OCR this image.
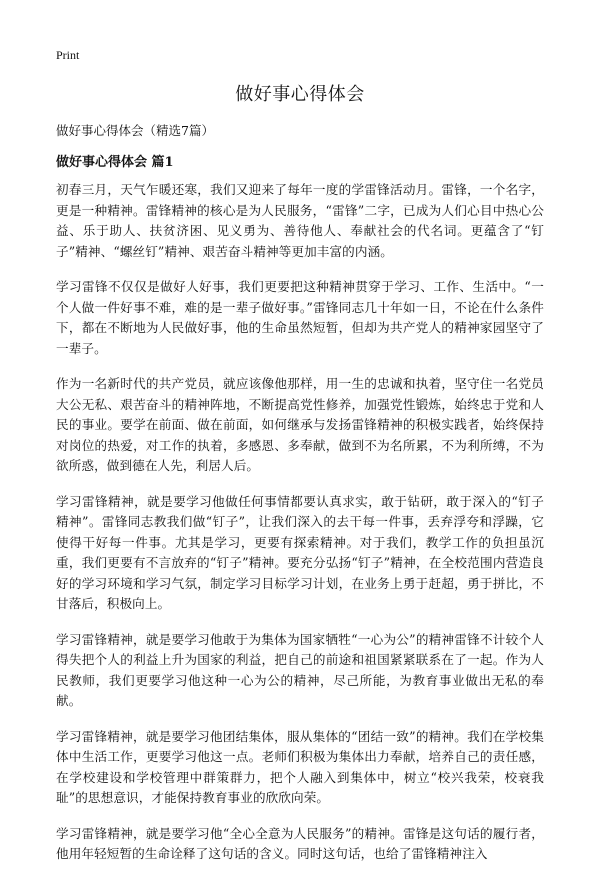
Print
做好事心得体会

做好事心得体会（精选7篇）

做好事心得体会 篇1

初春三月，天气乍暖还寒，我们又迎来了每年一度的学雷锋活动月。雷锋，一个名字，更是一种精神。雷锋精神的核心是为人民服务，“雷锋”二字，已成为人们心目中热心公益、乐于助人、扶贫济困、见义勇为、善待他人、奉献社会的代名词。更蕴含了“钉子”精神、“螺丝钉”精神、艰苦奋斗精神等更加丰富的内涵。

学习雷锋不仅仅是做好人好事，我们更要把这种精神贯穿于学习、工作、生活中。“一个人做一件好事不难，难的是一辈子做好事。”雷锋同志几十年如一日，不论在什么条件下，都在不断地为人民做好事，他的生命虽然短暂，但却为共产党人的精神家园坚守了一辈子。

作为一名新时代的共产党员，就应该像他那样，用一生的忠诚和执着，坚守住一名党员大公无私、艰苦奋斗的精神阵地，不断提高党性修养，加强党性锻炼，始终忠于党和人民的事业。要学在前面、做在前面，如何继承与发扬雷锋精神的积极实践者，始终保持对岗位的热爱，对工作的执着，多感恩、多奉献，做到不为名所累，不为利所缚，不为欲所惑，做到德在人先，利居人后。

学习雷锋精神，就是要学习他做任何事情都要认真求实，敢于钻研，敢于深入的“钉子精神”。雷锋同志教我们做“钉子”，让我们深入的去干每一件事，丢弃浮夸和浮躁，它使得干好每一件事。尤其是学习，更要有探索精神。对于我们，教学工作的负担虽沉重，我们更要有不言放弃的“钉子”精神。要充分弘扬“钉子”精神，在全校范围内营造良好的学习环境和学习气氛，制定学习目标学习计划，在业务上勇于赶超，勇于拼比，不甘落后，积极向上。

学习雷锋精神，就是要学习他敢于为集体为国家牺牲“一心为公”的精神雷锋不计较个人得失把个人的利益上升为国家的利益，把自己的前途和祖国紧紧联系在了一起。作为人民教师，我们更要学习他这种一心为公的精神，尽己所能，为教育事业做出无私的奉献。

学习雷锋精神，就是要学习他团结集体，服从集体的“团结一致”的精神。我们在学校集体中生活工作，更要学习他这一点。老师们积极为集体出力奉献，培养自己的责任感，在学校建设和学校管理中群策群力，把个人融入到集体中，树立“校兴我荣，校衰我耻”的思想意识，才能保持教育事业的欣欣向荣。

学习雷锋精神，就是要学习他“全心全意为人民服务”的精神。雷锋是这句话的履行者，他用年轻短暂的生命诠释了这句话的含义。同时这句话，也给了雷锋精神注入
